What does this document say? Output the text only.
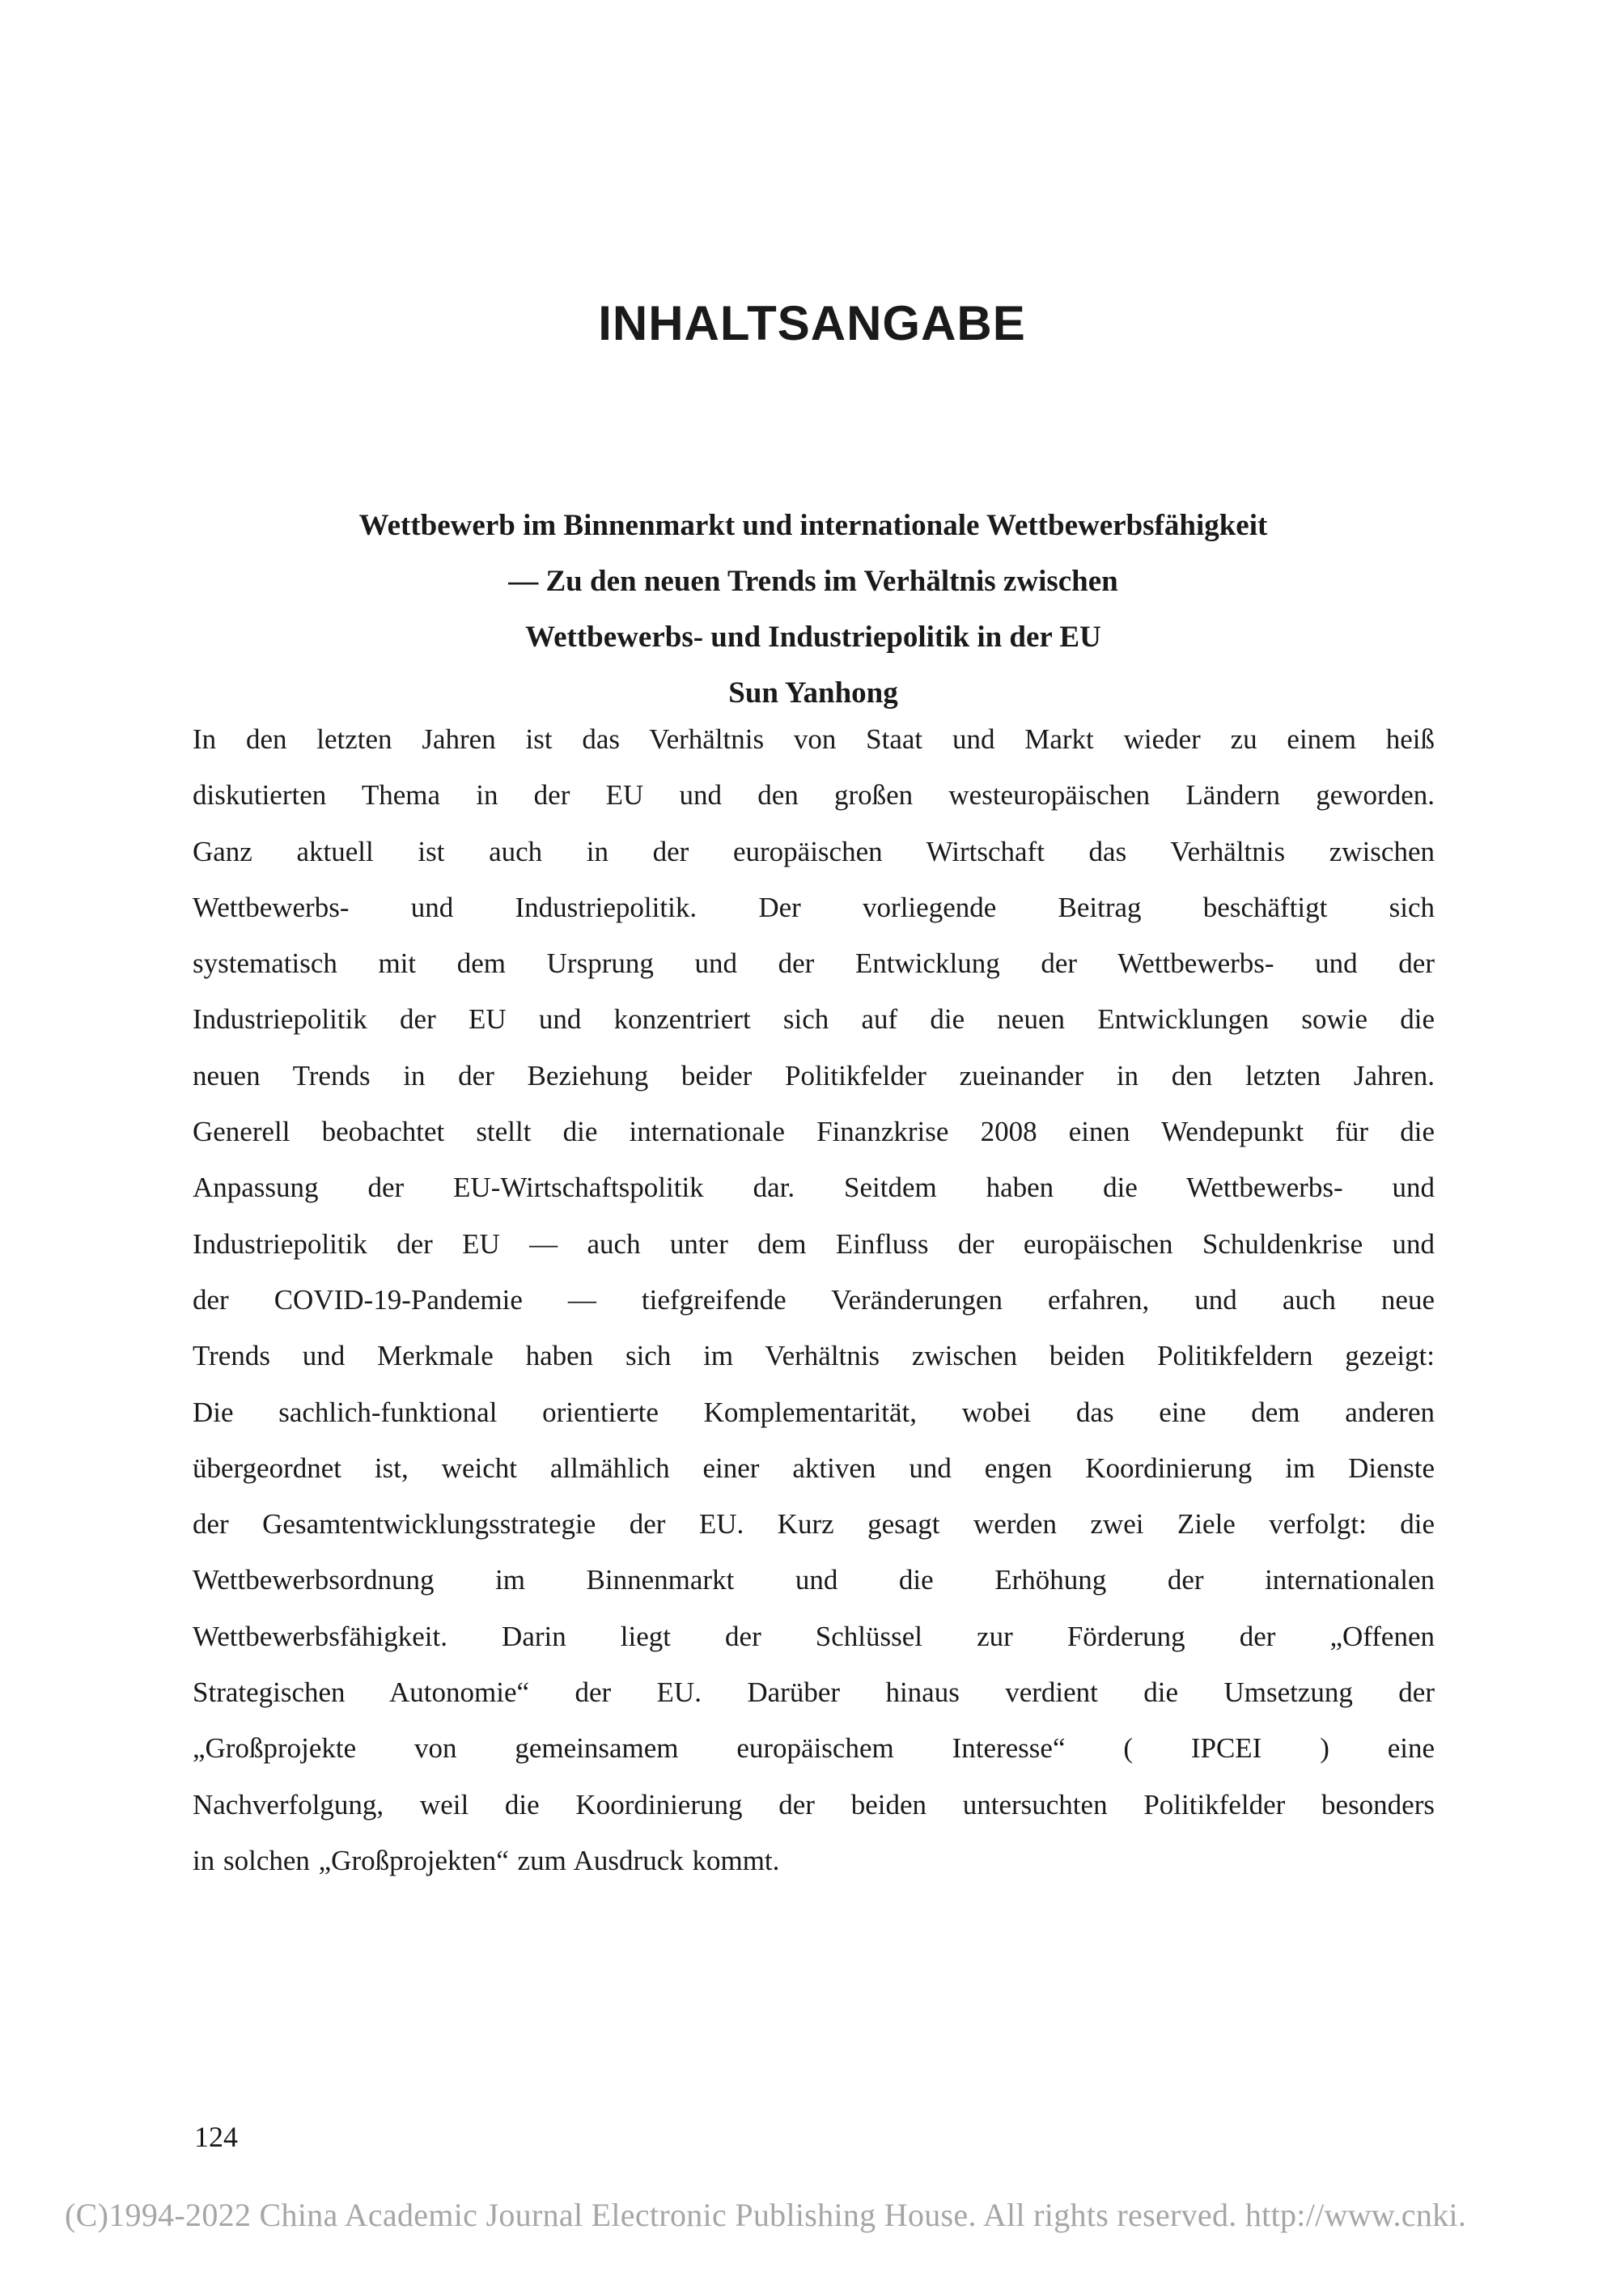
INHALTSANGABE
Wettbewerb im Binnenmarkt und internationale Wettbewerbsfähigkeit
— Zu den neuen Trends im Verhältnis zwischen
Wettbewerbs- und Industriepolitik in der EU
Sun Yanhong
In den letzten Jahren ist das Verhältnis von Staat und Markt wieder zu einem heiß
diskutierten Thema in der EU und den großen westeuropäischen Ländern geworden.
Ganz aktuell ist auch in der europäischen Wirtschaft das Verhältnis zwischen
Wettbewerbs- und Industriepolitik. Der vorliegende Beitrag beschäftigt sich
systematisch mit dem Ursprung und der Entwicklung der Wettbewerbs- und der
Industriepolitik der EU und konzentriert sich auf die neuen Entwicklungen sowie die
neuen Trends in der Beziehung beider Politikfelder zueinander in den letzten Jahren.
Generell beobachtet stellt die internationale Finanzkrise 2008 einen Wendepunkt für die
Anpassung der EU-Wirtschaftspolitik dar. Seitdem haben die Wettbewerbs- und
Industriepolitik der EU — auch unter dem Einfluss der europäischen Schuldenkrise und
der COVID-19-Pandemie — tiefgreifende Veränderungen erfahren, und auch neue
Trends und Merkmale haben sich im Verhältnis zwischen beiden Politikfeldern gezeigt:
Die sachlich-funktional orientierte Komplementarität, wobei das eine dem anderen
übergeordnet ist, weicht allmählich einer aktiven und engen Koordinierung im Dienste
der Gesamtentwicklungsstrategie der EU. Kurz gesagt werden zwei Ziele verfolgt: die
Wettbewerbsordnung im Binnenmarkt und die Erhöhung der internationalen
Wettbewerbsfähigkeit. Darin liegt der Schlüssel zur Förderung der „Offenen
Strategischen Autonomie“ der EU. Darüber hinaus verdient die Umsetzung der
„Großprojekte von gemeinsamem europäischem Interesse“ ( IPCEI ) eine
Nachverfolgung, weil die Koordinierung der beiden untersuchten Politikfelder besonders
in solchen „Großprojekten“ zum Ausdruck kommt.
124
(C)1994-2022 China Academic Journal Electronic Publishing House. All rights reserved. http://www.cnki.
